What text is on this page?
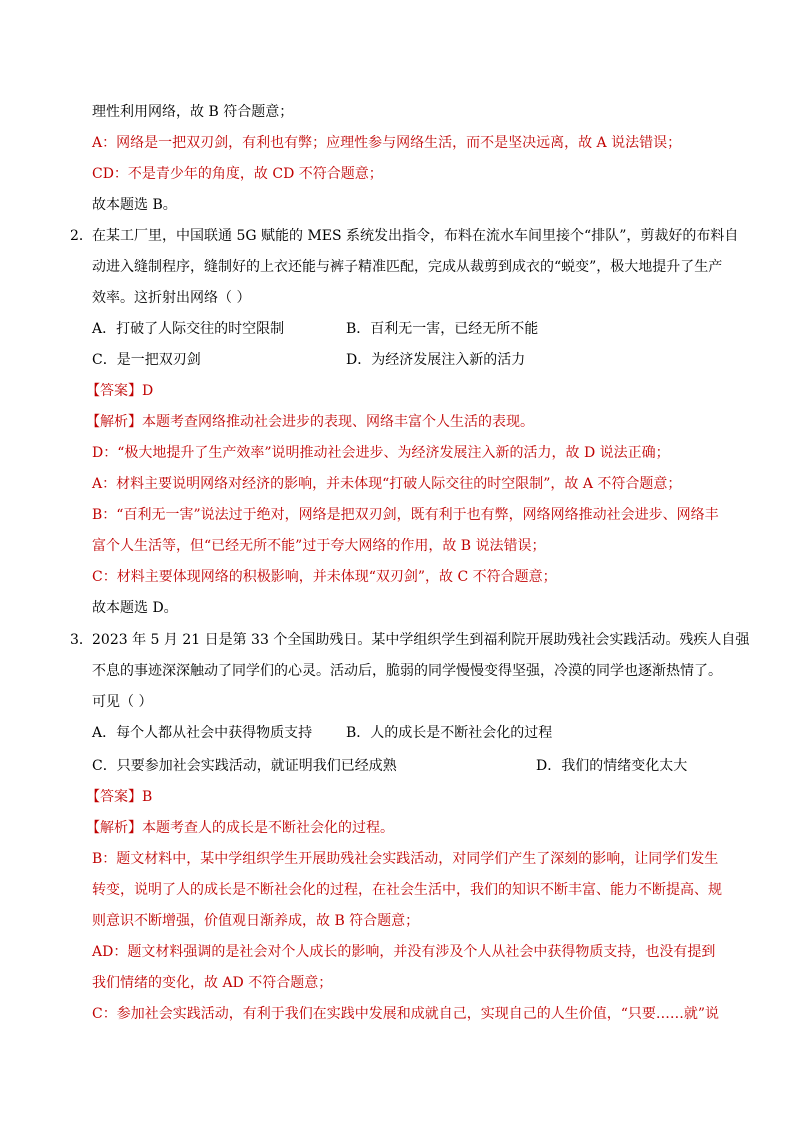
理性利用网络，故 B 符合题意；
A：网络是一把双刃剑，有利也有弊；应理性参与网络生活，而不是坚决远离，故 A 说法错误；
CD：不是青少年的角度，故 CD 不符合题意；
故本题选 B。
2． 在某工厂里，中国联通 5G 赋能的 MES 系统发出指令，布料在流水车间里接个“排队”，剪裁好的布料自
动进入缝制程序，缝制好的上衣还能与裤子精准匹配，完成从裁剪到成衣的“蜕变”，极大地提升了生产
效率。这折射出网络（ ）
A．打破了人际交往的时空限制	B．百利无一害，已经无所不能
C．是一把双刃剑	D．为经济发展注入新的活力
【答案】D
【解析】本题考查网络推动社会进步的表现、网络丰富个人生活的表现。
D：“极大地提升了生产效率”说明推动社会进步、为经济发展注入新的活力，故 D 说法正确；
A：材料主要说明网络对经济的影响，并未体现“打破人际交往的时空限制”，故 A 不符合题意；
B：“百利无一害”说法过于绝对，网络是把双刃剑，既有利于也有弊，网络网络推动社会进步、网络丰
富个人生活等，但“已经无所不能”过于夸大网络的作用，故 B 说法错误；
C：材料主要体现网络的积极影响，并未体现“双刃剑”，故 C 不符合题意；
故本题选 D。
3． 2023 年 5 月 21 日是第 33 个全国助残日。某中学组织学生到福利院开展助残社会实践活动。残疾人自强
不息的事迹深深触动了同学们的心灵。活动后，脆弱的同学慢慢变得坚强，冷漠的同学也逐渐热情了。
可见（ ）
A．每个人都从社会中获得物质支持 B．人的成长是不断社会化的过程
C．只要参加社会实践活动，就证明我们已经成熟	D．我们的情绪变化太大
【答案】B
【解析】本题考查人的成长是不断社会化的过程。
B：题文材料中，某中学组织学生开展助残社会实践活动，对同学们产生了深刻的影响，让同学们发生
转变，说明了人的成长是不断社会化的过程，在社会生活中，我们的知识不断丰富、能力不断提高、规
则意识不断增强，价值观日渐养成，故 B 符合题意；
AD：题文材料强调的是社会对个人成长的影响，并没有涉及个人从社会中获得物质支持，也没有提到
我们情绪的变化，故 AD 不符合题意；
C：参加社会实践活动，有利于我们在实践中发展和成就自己，实现自己的人生价值，“只要……就”说
